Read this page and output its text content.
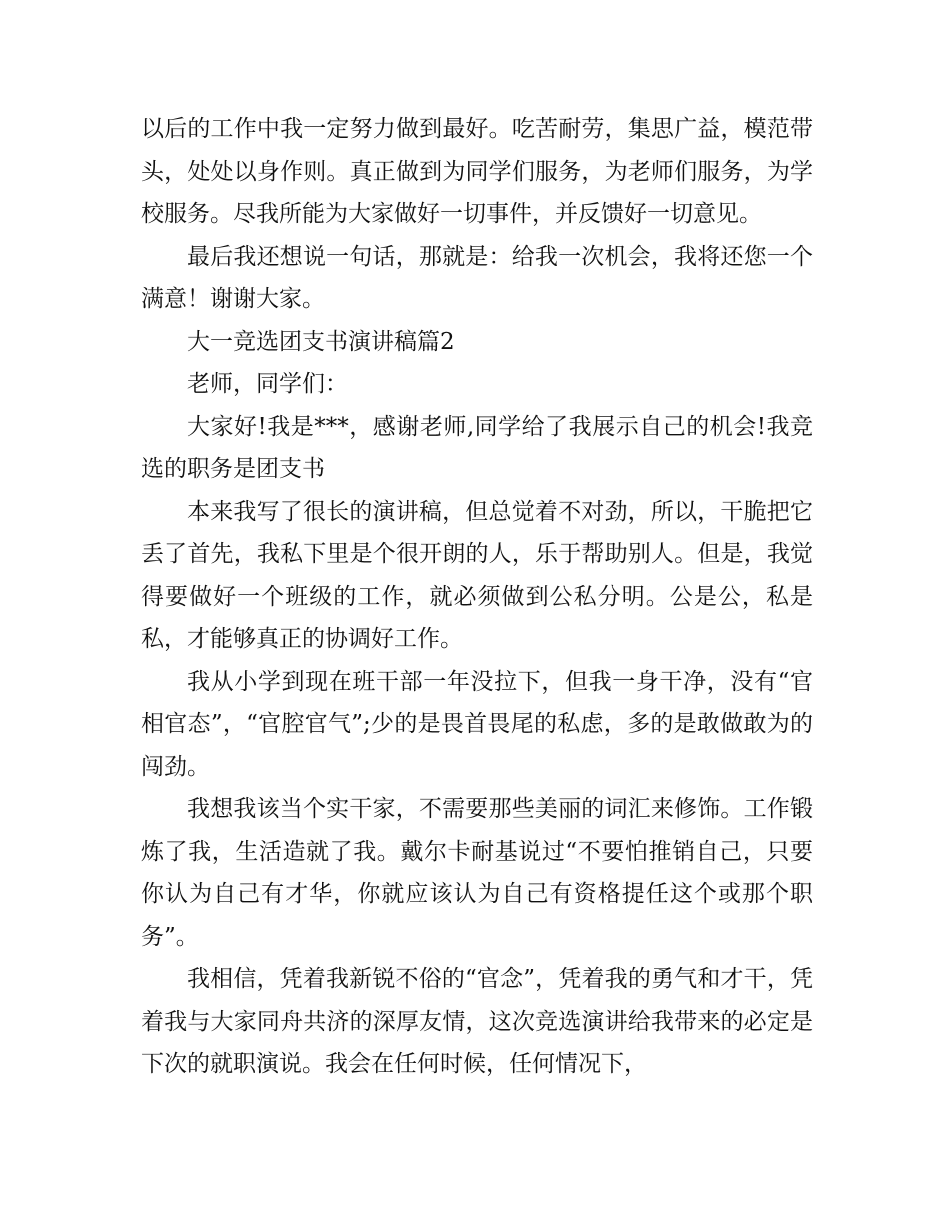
以后的工作中我一定努力做到最好。吃苦耐劳，集思广益，模范带头，处处以身作则。真正做到为同学们服务，为老师们服务，为学校服务。尽我所能为大家做好一切事件，并反馈好一切意见。

最后我还想说一句话，那就是：给我一次机会，我将还您一个满意！谢谢大家。

大一竞选团支书演讲稿篇2

老师，同学们：

大家好!我是***，感谢老师,同学给了我展示自己的机会!我竞选的职务是团支书

本来我写了很长的演讲稿，但总觉着不对劲，所以，干脆把它丢了首先，我私下里是个很开朗的人，乐于帮助别人。但是，我觉得要做好一个班级的工作，就必须做到公私分明。公是公，私是私，才能够真正的协调好工作。

我从小学到现在班干部一年没拉下，但我一身干净，没有“官相官态”，“官腔官气”;少的是畏首畏尾的私虑，多的是敢做敢为的闯劲。

我想我该当个实干家，不需要那些美丽的词汇来修饰。工作锻炼了我，生活造就了我。戴尔卡耐基说过“不要怕推销自己，只要你认为自己有才华，你就应该认为自己有资格提任这个或那个职务”。

我相信，凭着我新锐不俗的“官念”，凭着我的勇气和才干，凭着我与大家同舟共济的深厚友情，这次竞选演讲给我带来的必定是下次的就职演说。我会在任何时候，任何情况下，
